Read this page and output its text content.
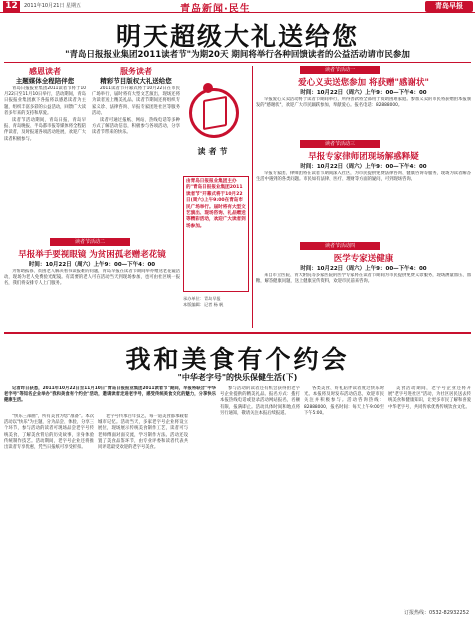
12	2011年10月21日 星期五	青岛新闻·民生	青岛早报
明天超级大礼送给您
"青岛日报报业集团2011读者节"为期20天 期间将举行各种回馈读者的公益活动请市民参加
感恩读者
主题媒体全程陪伴您

青岛日报报业集团2011读者节将于10月22日至11月10日举行，活动期间，青岛日报报业集团旗下各报将以感恩读者为主题，组织丰富多彩的公益活动，回馈广大读者多年来的支持和厚爱。

读者节活动期间，青岛日报、青岛早报、青岛晚报、半岛都市报等媒体将全程陪伴读者，及时报道各项活动进展，欢迎广大读者积极参与。

服务读者
精彩节目版权大礼送给您

2011读者节开幕式将于10月22日在市民广场举行，届时将有大型文艺演出，现场还将为读者送上精美礼品。读者节期间还将组织专家义诊、法律咨询、早报专家团进社区等服务活动。

读者可通过报纸、网站、热线电话等多种方式了解活动信息，积极参与各项活动，分享读者节带来的快乐。

读者节
由青岛日报报业集团主办的"青岛日报报业集团2011读者节"开幕式将于10月22日(周六)上午9:00在青岛市民广场举行。届时将有大型文艺演出、现场咨询、礼品赠送等精彩活动，欢迎广大读者到场参加。
承办单位：青岛早报
本版编辑：记者 杨 帆
读者节活动一
爱心义卖送您参加 将获赠"感谢状"
时间：10月22日（周六）上午9：00—下午4：00

早报爱心义卖活动将于读者节期间举行，所得善款将全部用于资助困难家庭。参加义卖的市民将获赠由本报颁发的"感谢状"，欢迎广大市民踊跃参加，奉献爱心。报名电话：82888000。

读者节活动三
早报专家律师团现场解惑释疑
时间：10月22日（周六）上午9：00—下午4：00

早报专家团、律师团将在读者节期间深入社区，为市民提供免费法律咨询、健康咨询等服务，现场为读者解答生活中遇到的各类问题。市民如有法律、医疗、理财等方面的疑问，可到现场咨询。

读者节活动四
医学专家送健康
时间：10月22日（周六）上午9：00—下午4：00

来自市立医院、青大附院等多家医院的医学专家将在读者节期间为市民提供免费义诊服务，现场测量血压、血糖，解答健康问题，送上健康宣传资料，欢迎市民前来咨询。

读者节活动二
早报举手要视眼镜 为贫困孤老赠老花镜
时间：10月22日（周六）上午9：00—下午4：00

为帮助孤寡、贫困老人解决看书读报难的问题，青岛早报在读者节期间举办赠送老花镜活动，现场为老人免费验光配镜。有需要的老人可在活动当天到现场参加，也可由社区统一报名，我们将安排专人上门服务。

我和美食有个约会
"中华老字号"的快乐保健生活(下)

记者昨日获悉，2011年10月22日至11月10日"青岛日报报业集团2011读者节"期间，早报将联合"中华老字号"等知名企业举办"我和美食有个约会"活动，邀请读者走进老字号，感受传统美食文化的魅力，分享快乐健康生活。

"快乐三部曲"，所有美食为您"准备"。本次活动以"快乐"为主题，分为品尝、体验、分享三个环节，参与活动的读者可现场品尝老字号传统美食，了解美食背后的历史故事，亲身体验传统制作技艺。活动期间，老字号企业还将推出读者专享优惠，凭当日报纸可享受折扣。

老字号传承百年技艺，每一道美食都承载着城市记忆。活动当天，多家老字号企业将设立展位，现场展示传统美食制作工艺，读者可与老师傅面对面交流，学习制作方法。活动还设置了美食品鉴环节，由专业评委和读者代表共同评选最受欢迎的老字号美食。

参与活动的读者还有机会获得由老字号企业提供的精美礼品。报名方式：拨打本报热线电话或登录活动网站报名，名额有限，报满即止。活动具体时间和地点将另行通知，敬请关注本报后续报道。

各类美食、好礼陪伴读者度过快乐时光。本报将及时发布活动信息，欢迎市民关注并积极参与。活动咨询热线：82888000，报名时间：每天上午9:00至下午5:00。

美食活动期间，老字号企业还将开展"老字号进社区"活动，为社区居民送去传统美食和健康知识，让更多市民了解和喜爱中华老字号，共同传承优秀传统饮食文化。

订报热线：0532-82932252
